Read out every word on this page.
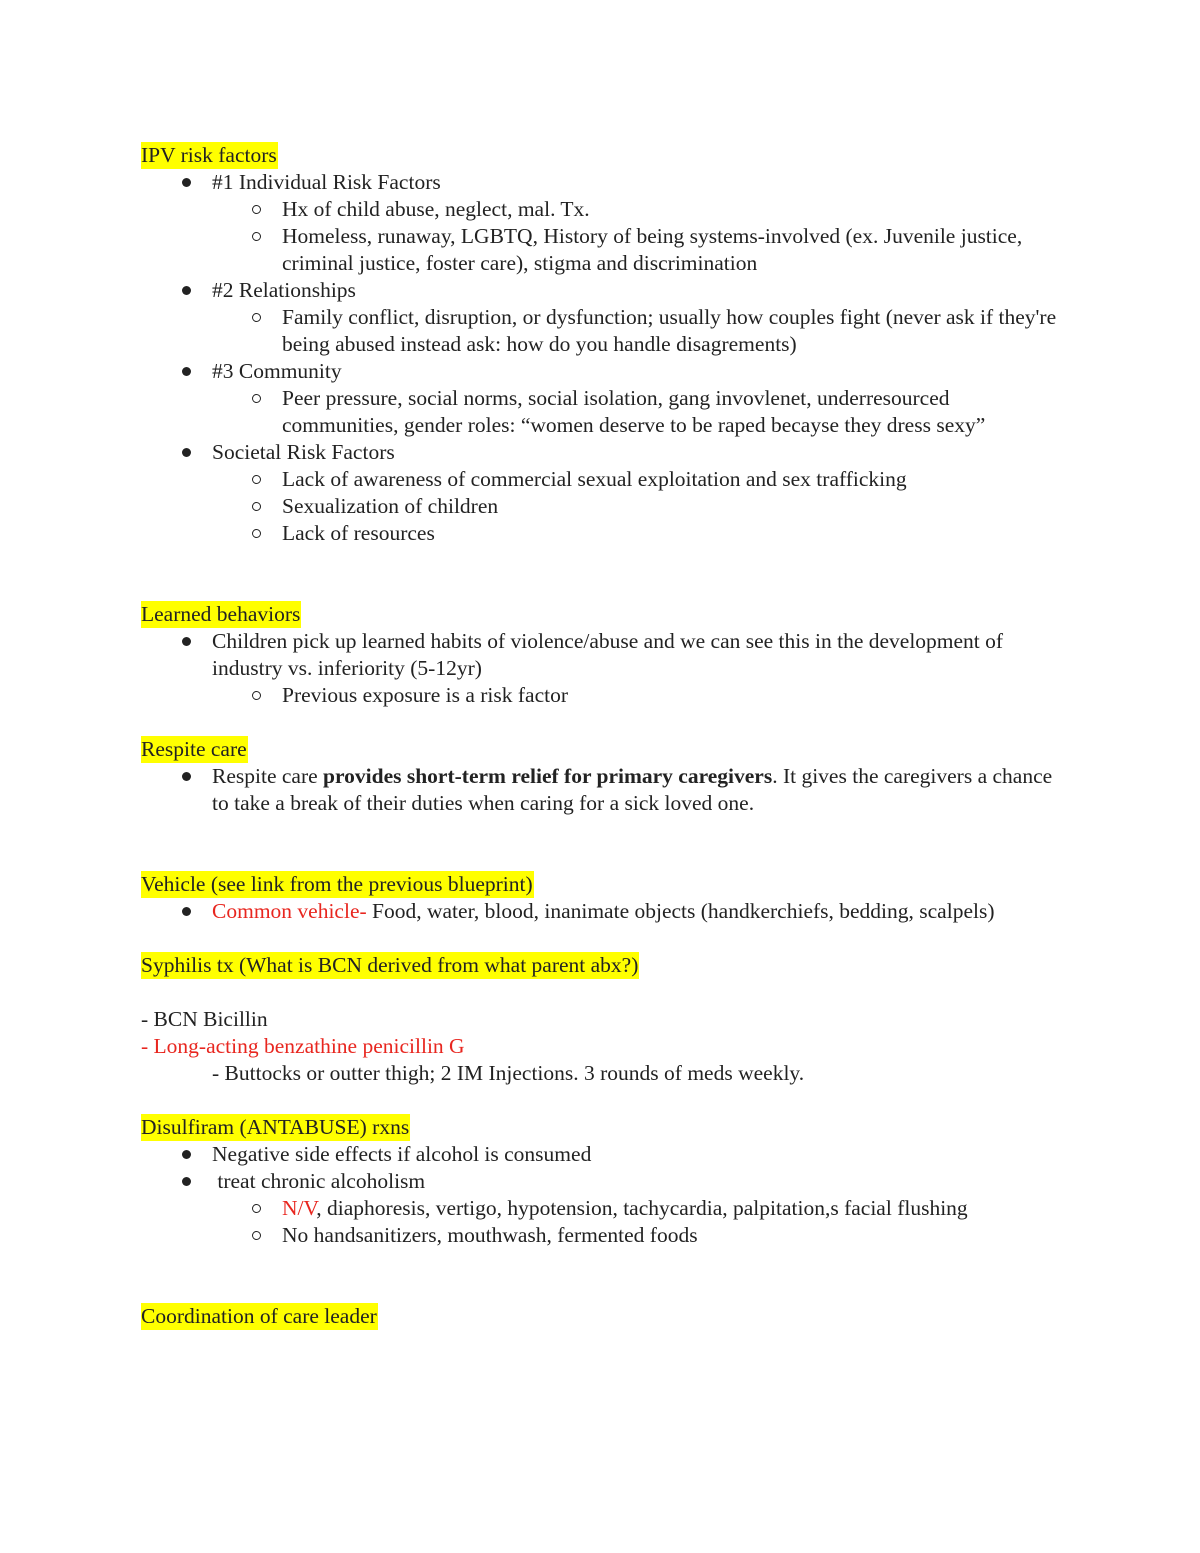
IPV risk factors
#1 Individual Risk Factors
Hx of child abuse, neglect, mal. Tx.
Homeless, runaway, LGBTQ, History of being systems-involved (ex. Juvenile justice, criminal justice, foster care), stigma and discrimination
#2 Relationships
Family conflict, disruption, or dysfunction; usually how couples fight (never ask if they're being abused instead ask: how do you handle disagrements)
#3 Community
Peer pressure, social norms, social isolation, gang invovlenet, underresourced communities, gender roles: “women deserve to be raped becayse they dress sexy”
Societal Risk Factors
Lack of awareness of commercial sexual exploitation and sex trafficking
Sexualization of children
Lack of resources
Learned behaviors
Children pick up learned habits of violence/abuse and we can see this in the development of industry vs. inferiority (5-12yr)
Previous exposure is a risk factor
Respite care
Respite care provides short-term relief for primary caregivers. It gives the caregivers a chance to take a break of their duties when caring for a sick loved one.
Vehicle (see link from the previous blueprint)
Common vehicle- Food, water, blood, inanimate objects (handkerchiefs, bedding, scalpels)
Syphilis tx (What is BCN derived from what parent abx?)
- BCN Bicillin
- Long-acting benzathine penicillin G
- Buttocks or outter thigh; 2 IM Injections. 3 rounds of meds weekly.
Disulfiram (ANTABUSE) rxns
Negative side effects if alcohol is consumed
treat chronic alcoholism
N/V, diaphoresis, vertigo, hypotension, tachycardia, palpitation,s facial flushing
No handsanitizers, mouthwash, fermented foods
Coordination of care leader
